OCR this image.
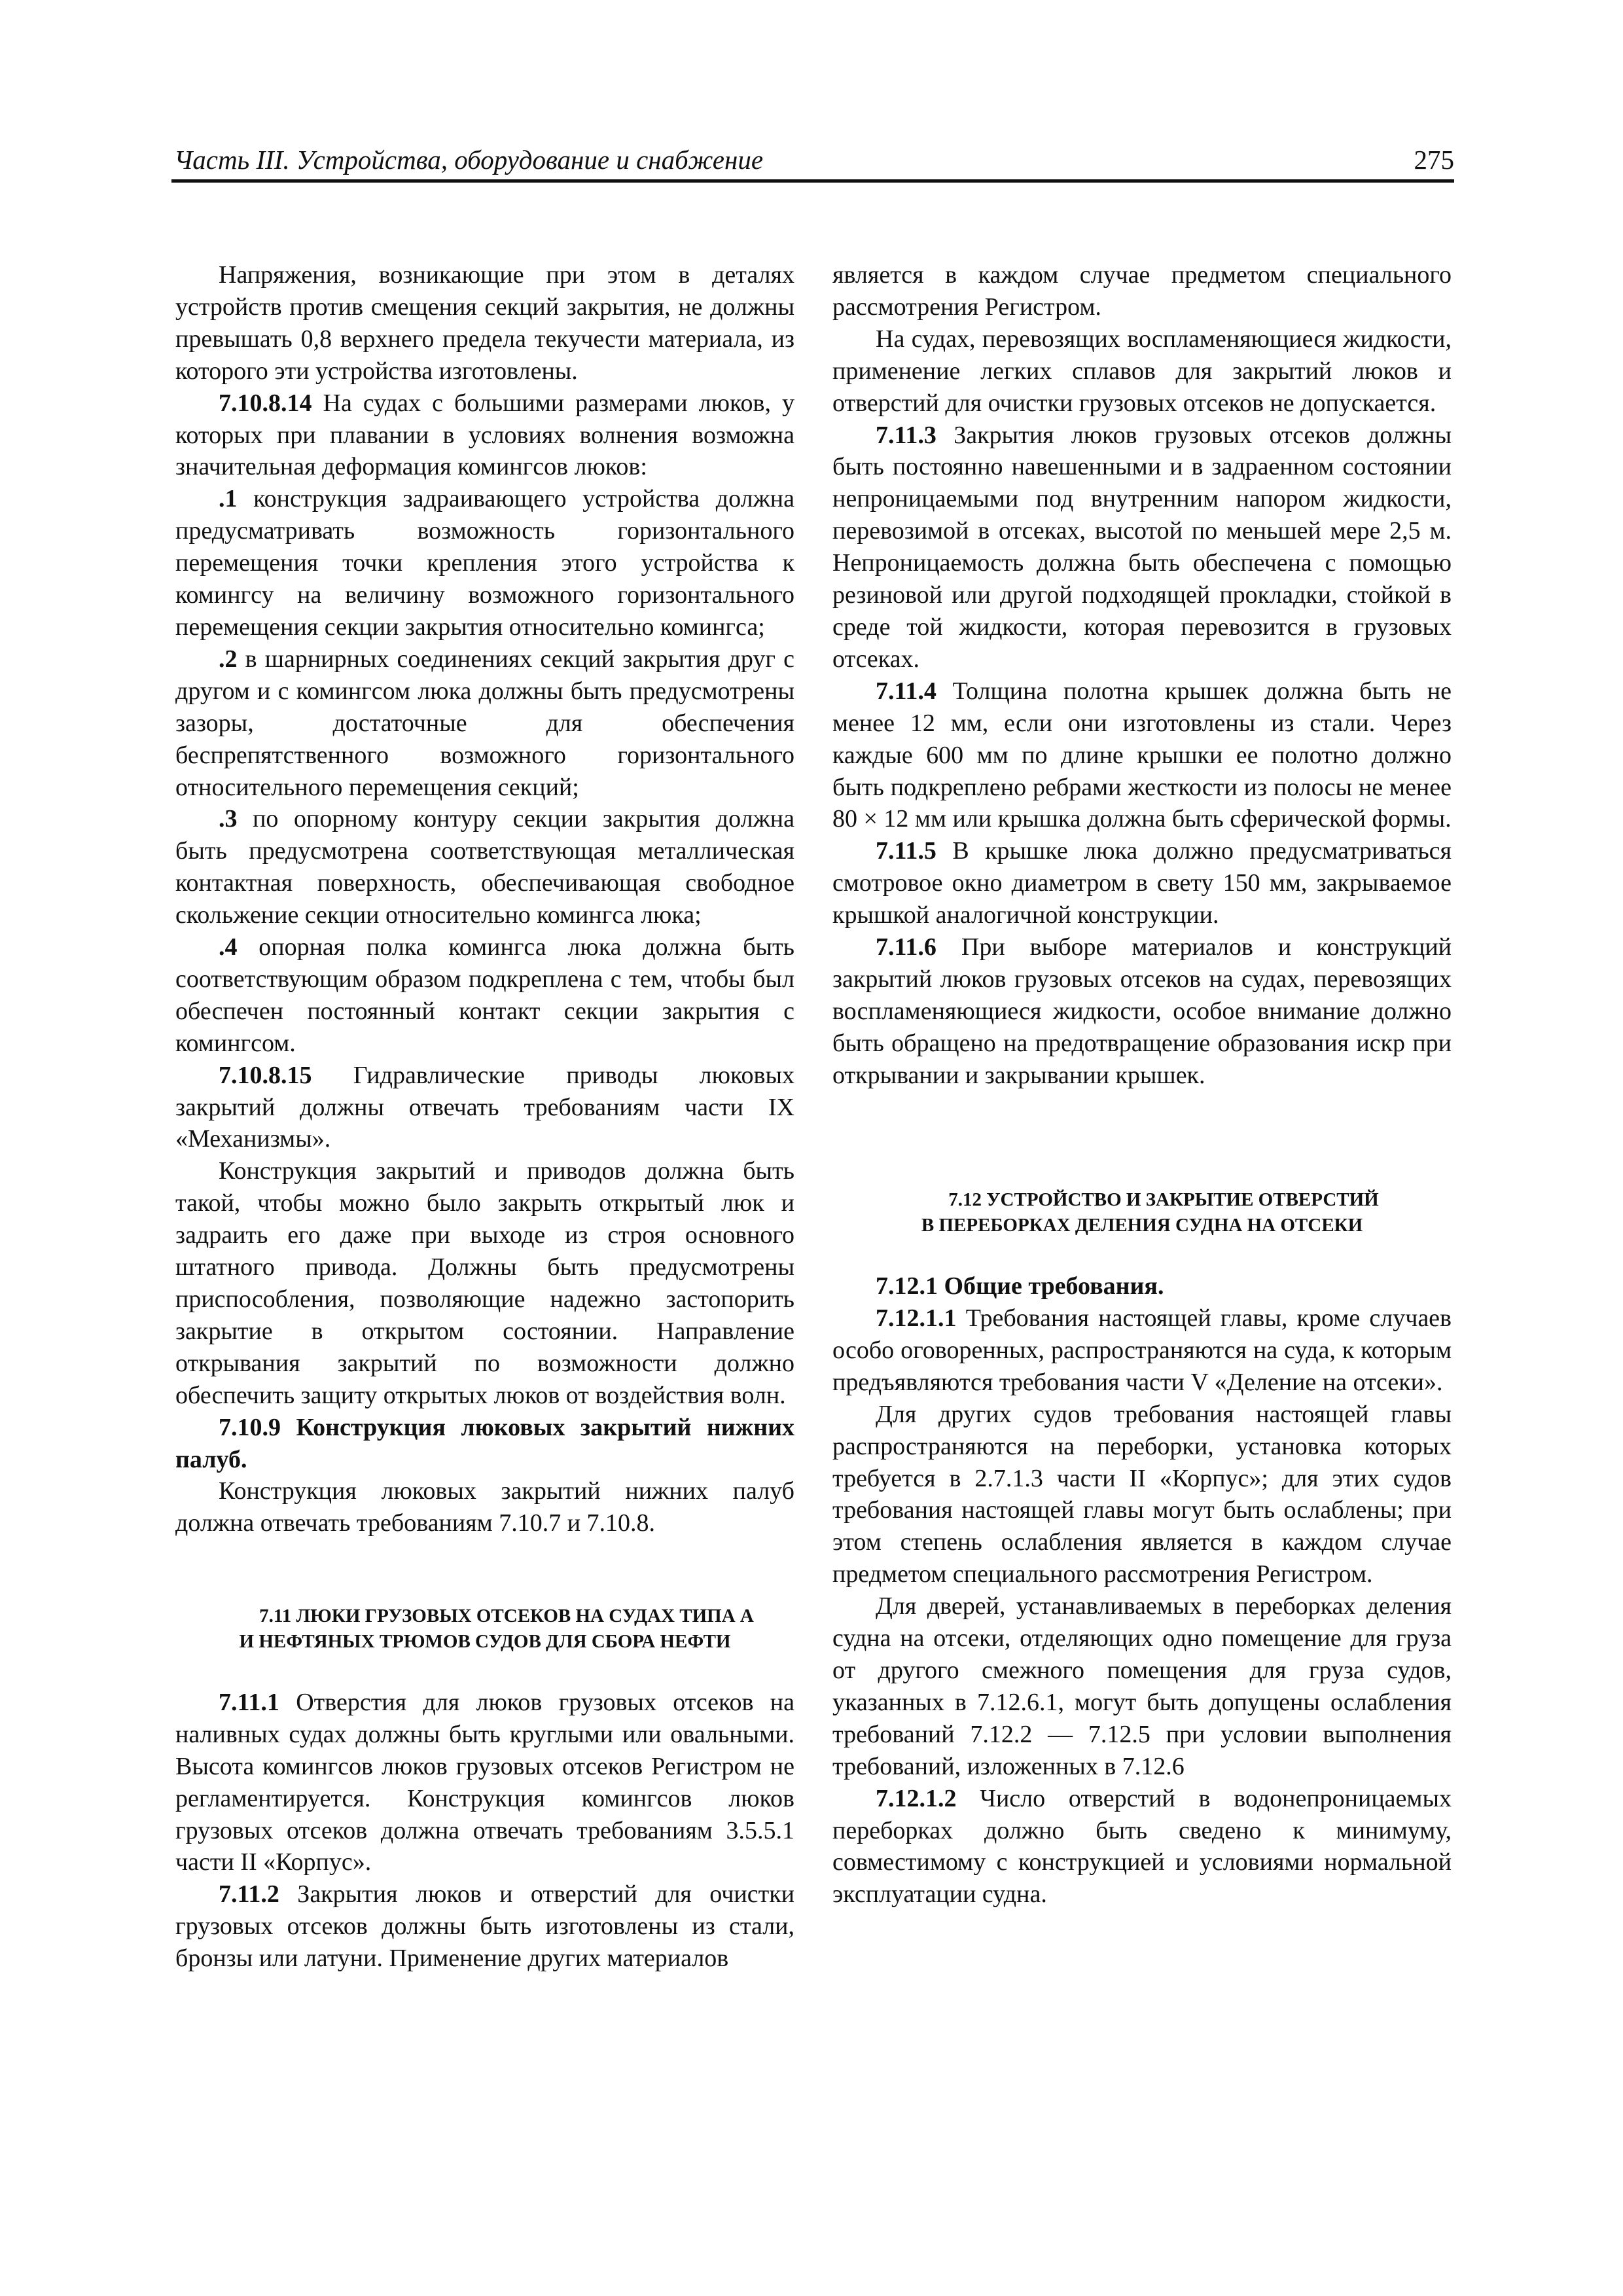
Часть III. Устройства, оборудование и снабжение	275

Напряжения, возникающие при этом в деталях устройств против смещения секций закрытия, не должны превышать 0,8 верхнего предела текучести материала, из которого эти устройства изготовлены.

7.10.8.14 На судах с большими размерами люков, у которых при плавании в условиях волнения возможна значительная деформация комингсов люков:

.1 конструкция задраивающего устройства должна предусматривать возможность горизонтального перемещения точки крепления этого устройства к комингсу на величину возможного горизонтального перемещения секции закрытия относительно комингса;

.2 в шарнирных соединениях секций закрытия друг с другом и с комингсом люка должны быть предусмотрены зазоры, достаточные для обеспечения беспрепятственного возможного горизонтального относительного перемещения секций;

.3 по опорному контуру секции закрытия должна быть предусмотрена соответствующая металлическая контактная поверхность, обеспечивающая свободное скольжение секции относительно комингса люка;

.4 опорная полка комингса люка должна быть соответствующим образом подкреплена с тем, чтобы был обеспечен постоянный контакт секции закрытия с комингсом.

7.10.8.15 Гидравлические приводы люковых закрытий должны отвечать требованиям части IX «Механизмы».

Конструкция закрытий и приводов должна быть такой, чтобы можно было закрыть открытый люк и задраить его даже при выходе из строя основного штатного привода. Должны быть предусмотрены приспособления, позволяющие надежно застопорить закрытие в открытом состоянии. Направление открывания закрытий по возможности должно обеспечить защиту открытых люков от воздействия волн.

7.10.9 Конструкция люковых закрытий нижних палуб.

Конструкция люковых закрытий нижних палуб должна отвечать требованиям 7.10.7 и 7.10.8.

7.11 ЛЮКИ ГРУЗОВЫХ ОТСЕКОВ НА СУДАХ ТИПА А
И НЕФТЯНЫХ ТРЮМОВ СУДОВ ДЛЯ СБОРА НЕФТИ

7.11.1 Отверстия для люков грузовых отсеков на наливных судах должны быть круглыми или овальными. Высота комингсов люков грузовых отсеков Регистром не регламентируется. Конструкция комингсов люков грузовых отсеков должна отвечать требованиям 3.5.5.1 части II «Корпус».

7.11.2 Закрытия люков и отверстий для очистки грузовых отсеков должны быть изготовлены из стали, бронзы или латуни. Применение других материалов

является в каждом случае предметом специального рассмотрения Регистром.

На судах, перевозящих воспламеняющиеся жидкости, применение легких сплавов для закрытий люков и отверстий для очистки грузовых отсеков не допускается.

7.11.3 Закрытия люков грузовых отсеков должны быть постоянно навешенными и в задраенном состоянии непроницаемыми под внутренним напором жидкости, перевозимой в отсеках, высотой по меньшей мере 2,5 м. Непроницаемость должна быть обеспечена с помощью резиновой или другой подходящей прокладки, стойкой в среде той жидкости, которая перевозится в грузовых отсеках.

7.11.4 Толщина полотна крышек должна быть не менее 12 мм, если они изготовлены из стали. Через каждые 600 мм по длине крышки ее полотно должно быть подкреплено ребрами жесткости из полосы не менее 80 × 12 мм или крышка должна быть сферической формы.

7.11.5 В крышке люка должно предусматриваться смотровое окно диаметром в свету 150 мм, закрываемое крышкой аналогичной конструкции.

7.11.6 При выборе материалов и конструкций закрытий люков грузовых отсеков на судах, перевозящих воспламеняющиеся жидкости, особое внимание должно быть обращено на предотвращение образования искр при открывании и закрывании крышек.

7.12 УСТРОЙСТВО И ЗАКРЫТИЕ ОТВЕРСТИЙ
В ПЕРЕБОРКАХ ДЕЛЕНИЯ СУДНА НА ОТСЕКИ

7.12.1 Общие требования.

7.12.1.1 Требования настоящей главы, кроме случаев особо оговоренных, распространяются на суда, к которым предъявляются требования части V «Деление на отсеки».

Для других судов требования настоящей главы распространяются на переборки, установка которых требуется в 2.7.1.3 части II «Корпус»; для этих судов требования настоящей главы могут быть ослаблены; при этом степень ослабления является в каждом случае предметом специального рассмотрения Регистром.

Для дверей, устанавливаемых в переборках деления судна на отсеки, отделяющих одно помещение для груза от другого смежного помещения для груза судов, указанных в 7.12.6.1, могут быть допущены ослабления требований 7.12.2 — 7.12.5 при условии выполнения требований, изложенных в 7.12.6

7.12.1.2 Число отверстий в водонепроницаемых переборках должно быть сведено к минимуму, совместимому с конструкцией и условиями нормальной эксплуатации судна.
